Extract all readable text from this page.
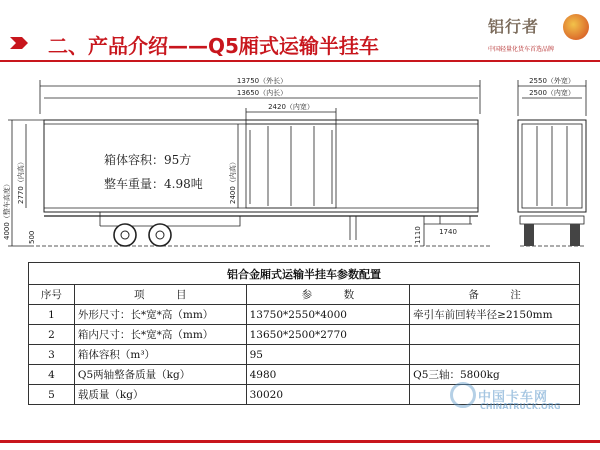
二、产品介绍——Q5厢式运输半挂车
铝行者
中国轻量化货车首选品牌
13750（外长）
13650（内长）
2420（内宽）
2550（外宽）
2500（内宽）
4000（整车高度） 2770（内高）	2400（内高）
1740
1110
500
箱体容积：95方
整车重量：4.98吨
铝合金厢式运输半挂车参数配置			
序号	项　　　目	参　　　数	备　　　注
1	外形尺寸：长*宽*高（mm）	13750*2550*4000	牵引车前回转半径≥2150mm
2	箱内尺寸：长*宽*高（mm）	13650*2500*2770	
3	箱体容积（m³）	95	
4	Q5两轴整备质量（kg）	4980	Q5三轴：5800kg
5	载质量（kg）	30020		中国卡车网
CHINATRUCK.ORG
